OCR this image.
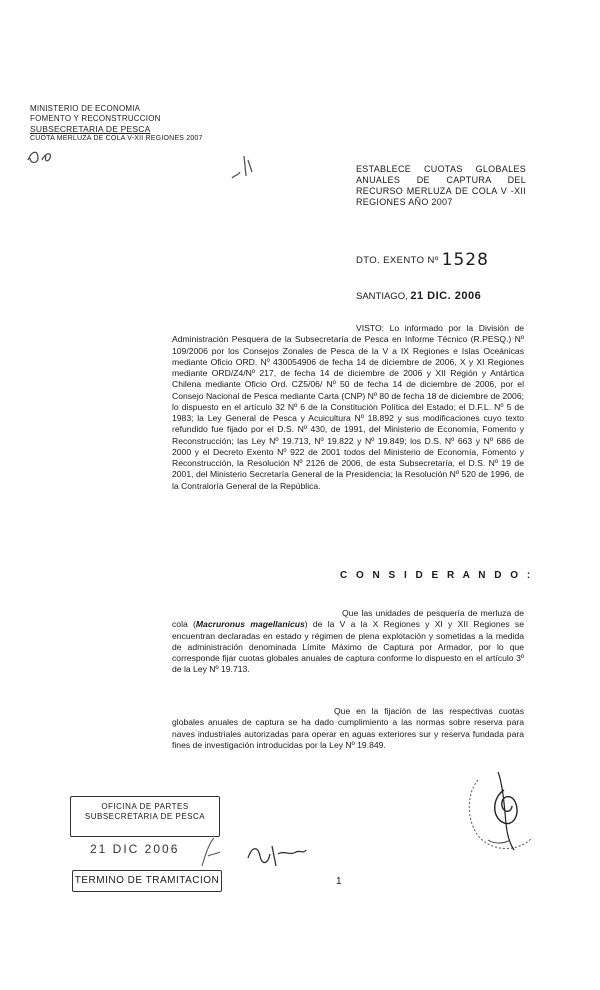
MINISTERIO DE ECONOMIA
FOMENTO Y RECONSTRUCCION
SUBSECRETARIA DE PESCA
CUOTA MERLUZA DE COLA V-XII REGIONES 2007
ESTABLECE CUOTAS GLOBALES ANUALES DE CAPTURA DEL RECURSO MERLUZA DE COLA V -XII REGIONES AÑO 2007
DTO. EXENTO Nº 1528
SANTIAGO, 21 DIC. 2006
VISTO: Lo informado por la División de Administración Pesquera de la Subsecretaría de Pesca en Informe Técnico (R.PESQ.) Nº 109/2006 por los Consejos Zonales de Pesca de la V a IX Regiones e Islas Oceánicas mediante Oficio ORD. Nº 430054906 de fecha 14 de diciembre de 2006, X y XI Regiones mediante ORD/Z4/Nº 217, de fecha 14 de diciembre de 2006 y XII Región y Antártica Chilena mediante Oficio Ord. CZ5/06/ Nº 50 de fecha 14 de diciembre de 2006, por el Consejo Nacional de Pesca mediante Carta (CNP) Nº 80 de fecha 18 de diciembre de 2006; lo dispuesto en el artículo 32 Nº 6 de la Constitución Política del Estado; el D.F.L. Nº 5 de 1983; la Ley General de Pesca y Acuicultura Nº 18.892 y sus modificaciones cuyo texto refundido fue fijado por el D.S. Nº 430, de 1991, del Ministerio de Economía, Fomento y Reconstrucción; las Ley Nº 19.713, Nº 19.822 y Nº 19.849; los D.S. Nº 663 y Nº 686 de 2000 y el Decreto Exento Nº 922 de 2001 todos del Ministerio de Economía, Fomento y Reconstrucción, la Resolución Nº 2126 de 2006, de esta Subsecretaría, el D.S. Nº 19 de 2001, del Ministerio Secretaría General de la Presidencia; la Resolución Nº 520 de 1996, de la Contraloría General de la República.
C O N S I D E R A N D O :
Que las unidades de pesquería de merluza de cola (Macruronus magellanicus) de la V a la X Regiones y XI y XII Regiones se encuentran declaradas en estado y régimen de plena explotación y sometidas a la medida de administración denominada Límite Máximo de Captura por Armador, por lo que corresponde fijar cuotas globales anuales de captura conforme lo dispuesto en el artículo 3º de la Ley Nº 19.713.
Que en la fijación de las respectivas cuotas globales anuales de captura se ha dado cumplimiento a las normas sobre reserva para naves industriales autorizadas para operar en aguas exteriores sur y reserva fundada para fines de investigación introducidas por la Ley Nº 19.849.
OFICINA DE PARTES
SUBSECRETARIA DE PESCA
21 DIC 2006
TERMINO DE TRAMITACION	1
